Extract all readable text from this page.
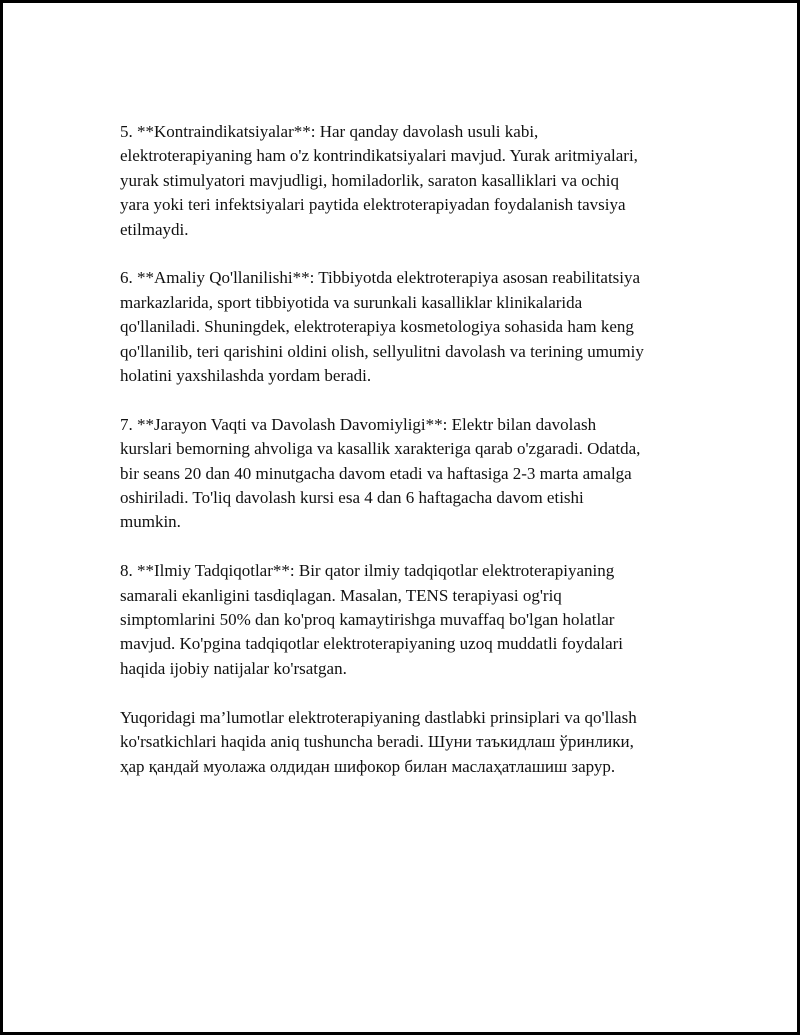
5. **Kontraindikatsiyalar**: Har qanday davolash usuli kabi,
elektroterapiyaning ham o'z kontrindikatsiyalari mavjud. Yurak aritmiyalari,
yurak stimulyatori mavjudligi, homiladorlik, saraton kasalliklari va ochiq
yara yoki teri infektsiyalari paytida elektroterapiyadan foydalanish tavsiya
etilmaydi.

6. **Amaliy Qo'llanilishi**: Tibbiyotda elektroterapiya asosan reabilitatsiya
markazlarida, sport tibbiyotida va surunkali kasalliklar klinikalarida
qo'llaniladi. Shuningdek, elektroterapiya kosmetologiya sohasida ham keng
qo'llanilib, teri qarishini oldini olish, sellyulitni davolash va terining umumiy
holatini yaxshilashda yordam beradi.

7. **Jarayon Vaqti va Davolash Davomiyligi**: Elektr bilan davolash
kurslari bemorning ahvoliga va kasallik xarakteriga qarab o'zgaradi. Odatda,
bir seans 20 dan 40 minutgacha davom etadi va haftasiga 2-3 marta amalga
oshiriladi. To'liq davolash kursi esa 4 dan 6 haftagacha davom etishi
mumkin.

8. **Ilmiy Tadqiqotlar**: Bir qator ilmiy tadqiqotlar elektroterapiyaning
samarali ekanligini tasdiqlagan. Masalan, TENS terapiyasi og'riq
simptomlarini 50% dan ko'proq kamaytirishga muvaffaq bo'lgan holatlar
mavjud. Ko'pgina tadqiqotlar elektroterapiyaning uzoq muddatli foydalari
haqida ijobiy natijalar ko'rsatgan.

Yuqoridagi ma’lumotlar elektroterapiyaning dastlabki prinsiplari va qo'llash
ko'rsatkichlari haqida aniq tushuncha beradi. Шуни таъкидлаш ўринлики,
ҳар қандай муолажа олдидан шифокор билан маслаҳатлашиш зарур.
